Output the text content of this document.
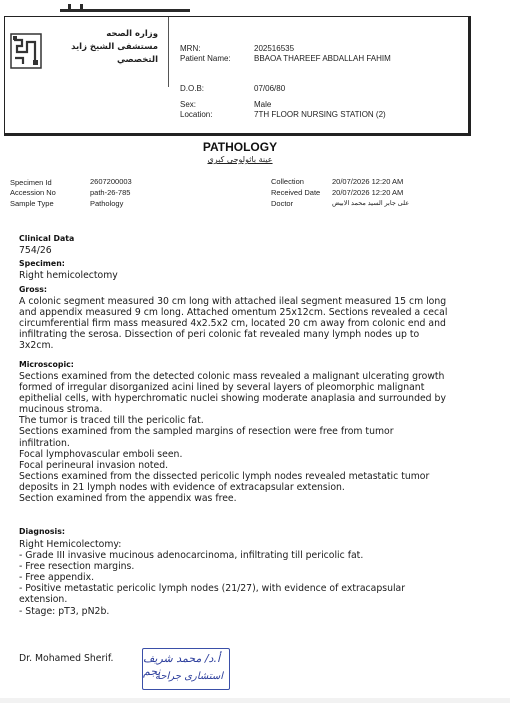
وزاره الصحه
مستشفى الشيخ زايد التخصصي
MRN:	202516535
Patient Name:	BBAOA THAREEF ABDALLAH FAHIM
D.O.B:	07/06/80
Sex:	Male
Location:	7TH FLOOR NURSING STATION (2)
PATHOLOGY
عينة باثولوجى كبرى
Specimen Id	2607200003
Accession No	path-26-785
Sample Type	Pathology
Collection	20/07/2026 12:20 AM
Received Date 20/07/2026 12:20 AM
Doctor	على جابر السيد محمد الابيض
Clinical Data
754/26
Specimen:
Right hemicolectomy
Gross:
A colonic segment measured 30 cm long with attached ileal segment measured 15 cm long
and appendix measured 9 cm long. Attached omentum 25x12cm. Sections revealed a cecal
circumferential firm mass measured 4x2.5x2 cm, located 20 cm away from colonic end and
infiltrating the serosa. Dissection of peri colonic fat revealed many lymph nodes up to
3x2cm.
Microscopic:
Sections examined from the detected colonic mass revealed a malignant ulcerating growth
formed of irregular disorganized acini lined by several layers of pleomorphic malignant
epithelial cells, with hyperchromatic nuclei showing moderate anaplasia and surrounded by
mucinous stroma.
The tumor is traced till the pericolic fat.
Sections examined from the sampled margins of resection were free from tumor
infiltration.
Focal lymphovascular emboli seen.
Focal perineural invasion noted.
Sections examined from the dissected pericolic lymph nodes revealed metastatic tumor
deposits in 21 lymph nodes with evidence of extracapsular extension.
Section examined from the appendix was free.
Diagnosis:
Right Hemicolectomy:
- Grade III invasive mucinous adenocarcinoma, infiltrating till pericolic fat.
- Free resection margins.
- Free appendix.
- Positive metastatic pericolic lymph nodes (21/27), with evidence of extracapsular
extension.
- Stage: pT3, pN2b.
Dr. Mohamed Sherif.	أ.د/ محمد شريف نجم
استشارى جراحة
